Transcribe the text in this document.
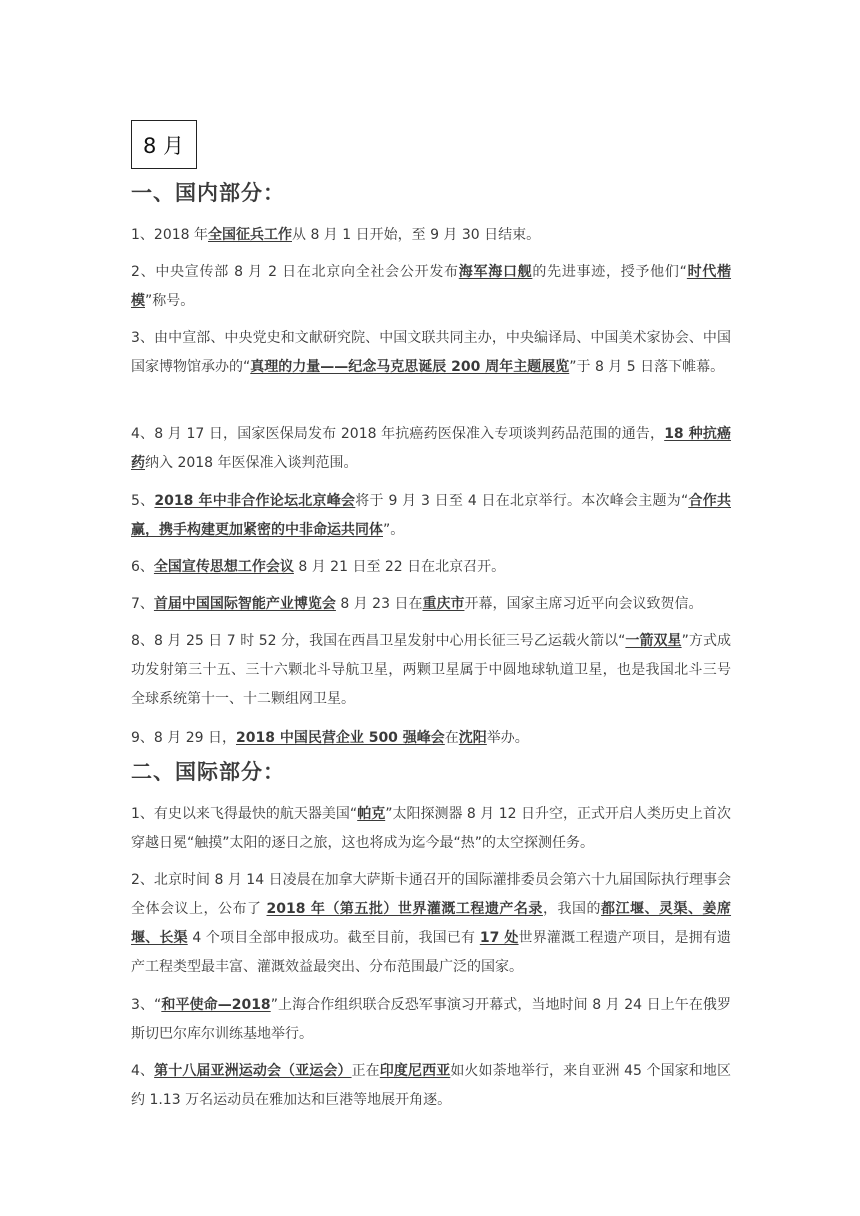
8 月
一、国内部分：
1、2018 年全国征兵工作从 8 月 1 日开始，至 9 月 30 日结束。
2、中央宣传部 8 月 2 日在北京向全社会公开发布海军海口舰的先进事迹，授予他们“时代楷模”称号。
3、由中宣部、中央党史和文献研究院、中国文联共同主办，中央编译局、中国美术家协会、中国国家博物馆承办的“真理的力量——纪念马克思诞辰 200 周年主题展览”于 8 月 5 日落下帷幕。
4、8 月 17 日，国家医保局发布 2018 年抗癌药医保准入专项谈判药品范围的通告，18 种抗癌药纳入 2018 年医保准入谈判范围。
5、2018 年中非合作论坛北京峰会将于 9 月 3 日至 4 日在北京举行。本次峰会主题为“合作共赢，携手构建更加紧密的中非命运共同体”。
6、全国宣传思想工作会议 8 月 21 日至 22 日在北京召开。
7、首届中国国际智能产业博览会 8 月 23 日在重庆市开幕，国家主席习近平向会议致贺信。
8、8 月 25 日 7 时 52 分，我国在西昌卫星发射中心用长征三号乙运载火箭以“一箭双星”方式成功发射第三十五、三十六颗北斗导航卫星，两颗卫星属于中圆地球轨道卫星，也是我国北斗三号全球系统第十一、十二颗组网卫星。
9、8 月 29 日，2018 中国民营企业 500 强峰会在沈阳举办。
二、国际部分：
1、有史以来飞得最快的航天器美国“帕克”太阳探测器 8 月 12 日升空，正式开启人类历史上首次穿越日冕“触摸”太阳的逐日之旅，这也将成为迄今最“热”的太空探测任务。
2、北京时间 8 月 14 日凌晨在加拿大萨斯卡通召开的国际灌排委员会第六十九届国际执行理事会全体会议上，公布了 2018 年（第五批）世界灌溉工程遗产名录，我国的都江堰、灵渠、姜席堰、长渠 4 个项目全部申报成功。截至目前，我国已有 17 处世界灌溉工程遗产项目，是拥有遗产工程类型最丰富、灌溉效益最突出、分布范围最广泛的国家。
3、“和平使命—2018”上海合作组织联合反恐军事演习开幕式，当地时间 8 月 24 日上午在俄罗斯切巴尔库尔训练基地举行。
4、第十八届亚洲运动会（亚运会）正在印度尼西亚如火如荼地举行，来自亚洲 45 个国家和地区约 1.13 万名运动员在雅加达和巨港等地展开角逐。
